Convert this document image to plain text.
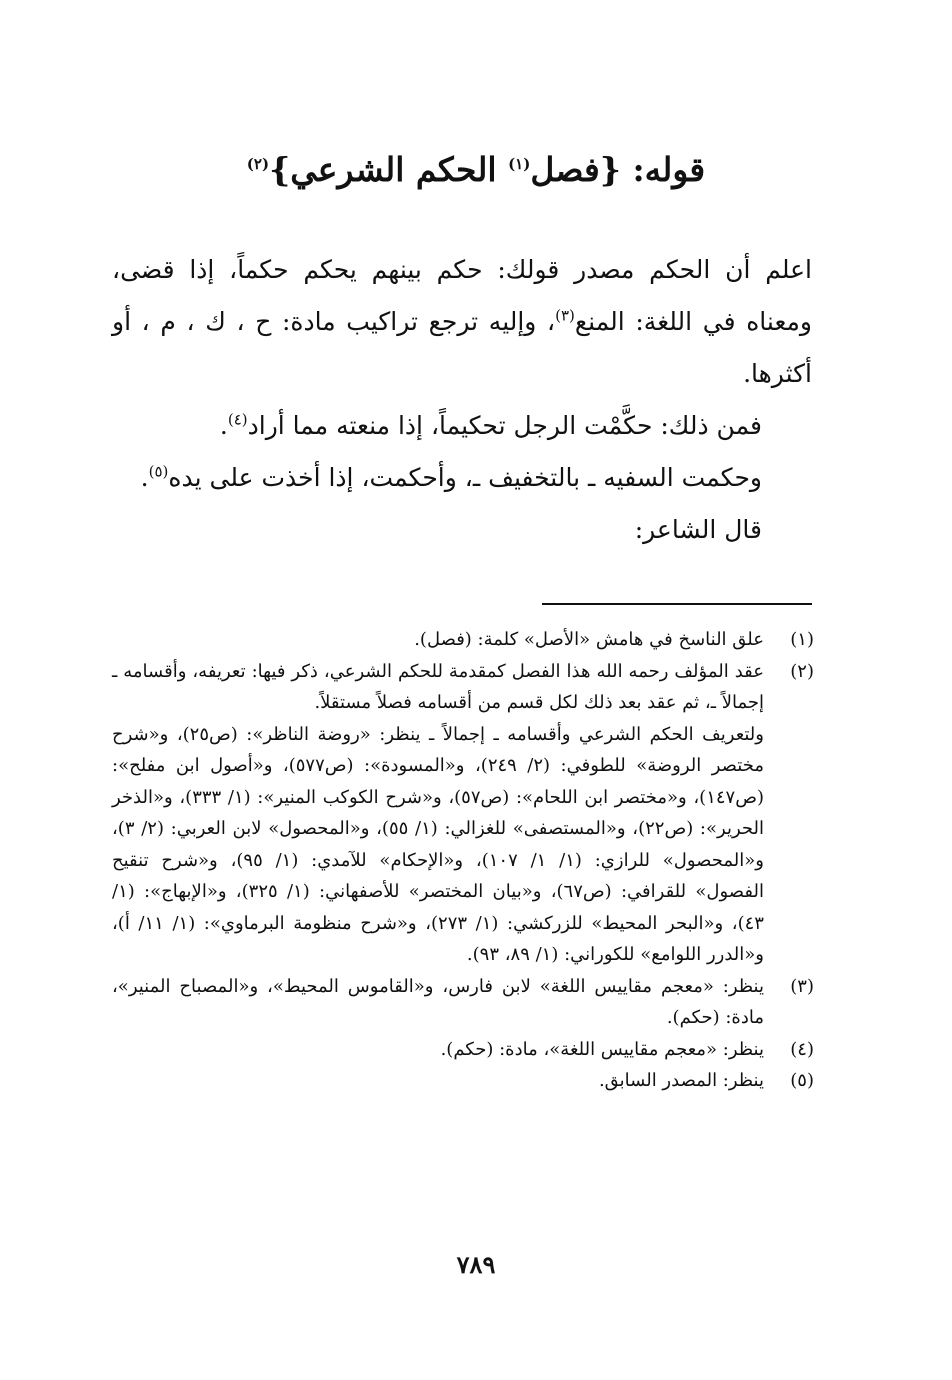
قوله: {فصل$^{(١)}$ الحكم الشرعي}$^{(٢)}$

اعلم أن الحكم مصدر قولك: حكم بينهم يحكم حكماً، إذا قضى، ومعناه في اللغة: المنع$^{(٣)}$، وإليه ترجع تراكيب مادة: ح ، ك ، م ، أو أكثرها.

فمن ذلك: حكَّمْت الرجل تحكيماً، إذا منعته مما أراد$^{(٤)}$.

وحكمت السفيه ـ بالتخفيف ـ، وأحكمت، إذا أخذت على يده$^{(٥)}$.

قال الشاعر:

(١)

علق الناسخ في هامش «الأصل» كلمة: (فصل).

(٢)

عقد المؤلف رحمه الله هذا الفصل كمقدمة للحكم الشرعي، ذكر فيها: تعريفه، وأقسامه ـ إجمالاً ـ، ثم عقد بعد ذلك لكل قسم من أقسامه فصلاً مستقلاً.

ولتعريف الحكم الشرعي وأقسامه ـ إجمالاً ـ ينظر: «روضة الناظر»: (ص٢٥)، و«شرح مختصر الروضة» للطوفي: (٢/ ٢٤٩)، و«المسودة»: (ص٥٧٧)، و«أصول ابن مفلح»: (ص١٤٧)، و«مختصر ابن اللحام»: (ص٥٧)، و«شرح الكوكب المنير»: (١/ ٣٣٣)، و«الذخر الحرير»: (ص٢٢)، و«المستصفى» للغزالي: (١/ ٥٥)، و«المحصول» لابن العربي: (٢/ ٣)، و«المحصول» للرازي: (١/ ١/ ١٠٧)، و«الإحكام» للآمدي: (١/ ٩٥)، و«شرح تنقيح الفصول» للقرافي: (ص٦٧)، و«بيان المختصر» للأصفهاني: (١/ ٣٢٥)، و«الإبهاج»: (١/ ٤٣)، و«البحر المحيط» للزركشي: (١/ ٢٧٣)، و«شرح منظومة البرماوي»: (١/ ١١/ أ)، و«الدرر اللوامع» للكوراني: (١/ ٨٩، ٩٣).

(٣)

ينظر: «معجم مقاييس اللغة» لابن فارس، و«القاموس المحيط»، و«المصباح المنير»، مادة: (حكم).

(٤)

ينظر: «معجم مقاييس اللغة»، مادة: (حكم).

(٥)

ينظر: المصدر السابق.

٧٨٩
